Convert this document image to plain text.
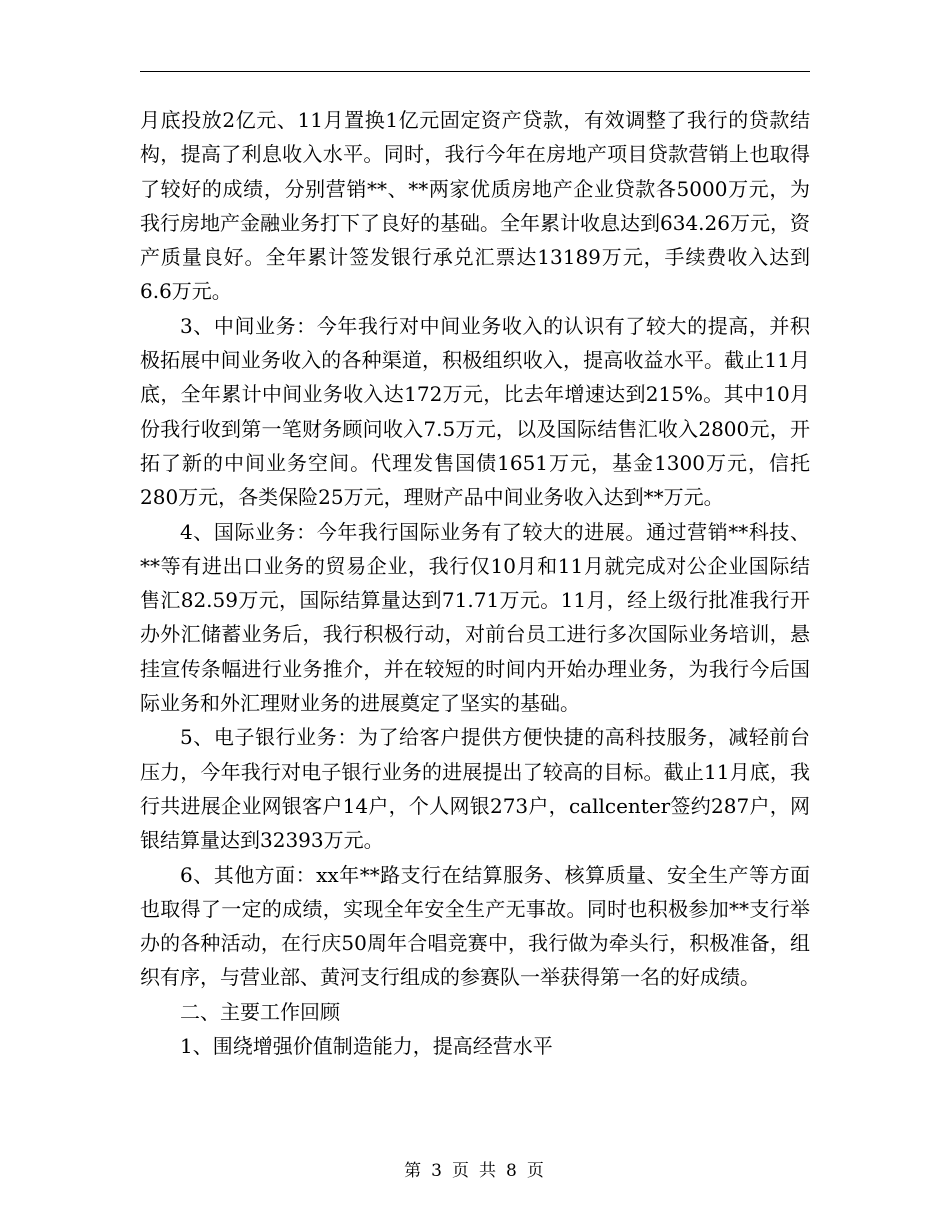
月底投放2亿元、11月置换1亿元固定资产贷款，有效调整了我行的贷款结构，提高了利息收入水平。同时，我行今年在房地产项目贷款营销上也取得了较好的成绩，分别营销**、**两家优质房地产企业贷款各5000万元，为我行房地产金融业务打下了良好的基础。全年累计收息达到634.26万元，资产质量良好。全年累计签发银行承兑汇票达13189万元，手续费收入达到6.6万元。

3、中间业务：今年我行对中间业务收入的认识有了较大的提高，并积极拓展中间业务收入的各种渠道，积极组织收入，提高收益水平。截止11月底，全年累计中间业务收入达172万元，比去年增速达到215%。其中10月份我行收到第一笔财务顾问收入7.5万元，以及国际结售汇收入2800元，开拓了新的中间业务空间。代理发售国债1651万元，基金1300万元，信托280万元，各类保险25万元，理财产品中间业务收入达到**万元。

4、国际业务：今年我行国际业务有了较大的进展。通过营销**科技、**等有进出口业务的贸易企业，我行仅10月和11月就完成对公企业国际结售汇82.59万元，国际结算量达到71.71万元。11月，经上级行批准我行开办外汇储蓄业务后，我行积极行动，对前台员工进行多次国际业务培训，悬挂宣传条幅进行业务推介，并在较短的时间内开始办理业务，为我行今后国际业务和外汇理财业务的进展奠定了坚实的基础。

5、电子银行业务：为了给客户提供方便快捷的高科技服务，减轻前台压力，今年我行对电子银行业务的进展提出了较高的目标。截止11月底，我行共进展企业网银客户14户，个人网银273户，callcenter签约287户，网银结算量达到32393万元。

6、其他方面：xx年**路支行在结算服务、核算质量、安全生产等方面也取得了一定的成绩，实现全年安全生产无事故。同时也积极参加**支行举办的各种活动，在行庆50周年合唱竞赛中，我行做为牵头行，积极准备，组织有序，与营业部、黄河支行组成的参赛队一举获得第一名的好成绩。

二、主要工作回顾

1、围绕增强价值制造能力，提高经营水平

第 3 页 共 8 页
